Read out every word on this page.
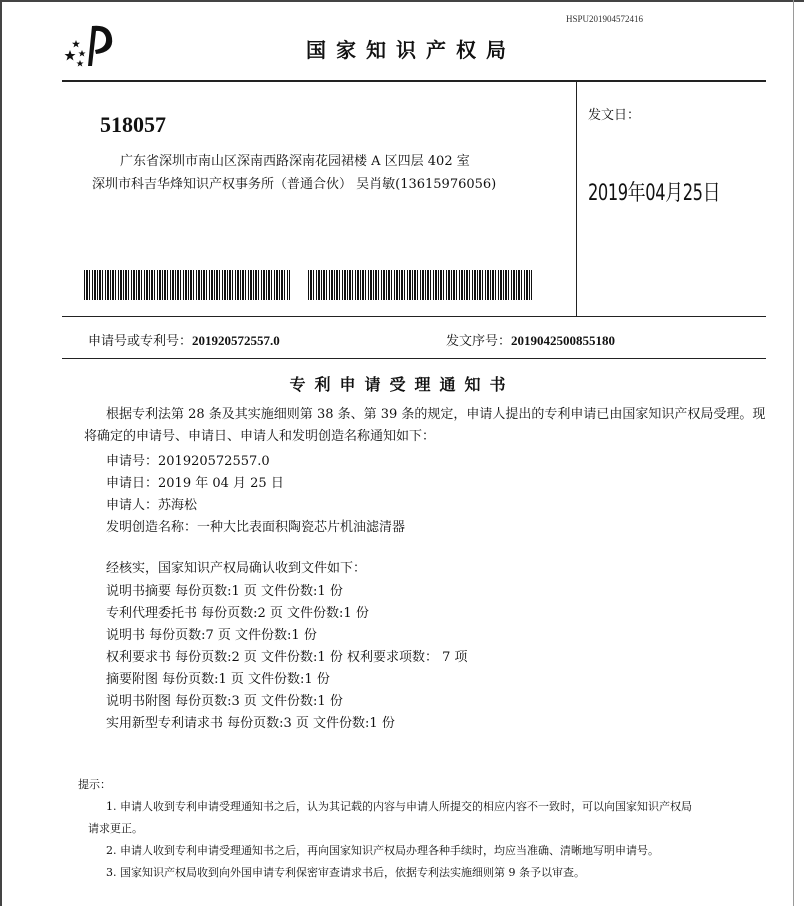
HSPU201904572416
国家知识产权局
518057
广东省深圳市南山区深南西路深南花园裙楼 A 区四层 402 室
深圳市科吉华烽知识产权事务所（普通合伙） 吴肖敏(13615976056)
发文日：
2019年04月25日
申请号或专利号：201920572557.0	发文序号：2019042500855180
专利申请受理通知书
根据专利法第 28 条及其实施细则第 38 条、第 39 条的规定，申请人提出的专利申请已由国家知识产权局受理。现将确定的申请号、申请日、申请人和发明创造名称通知如下：
申请号：201920572557.0
申请日：2019 年 04 月 25 日
申请人：苏海松
发明创造名称：一种大比表面积陶瓷芯片机油滤清器
经核实，国家知识产权局确认收到文件如下：
说明书摘要 每份页数:1 页 文件份数:1 份
专利代理委托书 每份页数:2 页 文件份数:1 份
说明书 每份页数:7 页 文件份数:1 份
权利要求书 每份页数:2 页 文件份数:1 份 权利要求项数： 7 项
摘要附图 每份页数:1 页 文件份数:1 份
说明书附图 每份页数:3 页 文件份数:1 份
实用新型专利请求书 每份页数:3 页 文件份数:1 份
提示：
1. 申请人收到专利申请受理通知书之后，认为其记载的内容与申请人所提交的相应内容不一致时，可以向国家知识产权局
请求更正。
2. 申请人收到专利申请受理通知书之后，再向国家知识产权局办理各种手续时，均应当准确、清晰地写明申请号。
3. 国家知识产权局收到向外国申请专利保密审查请求书后，依据专利法实施细则第 9 条予以审查。
